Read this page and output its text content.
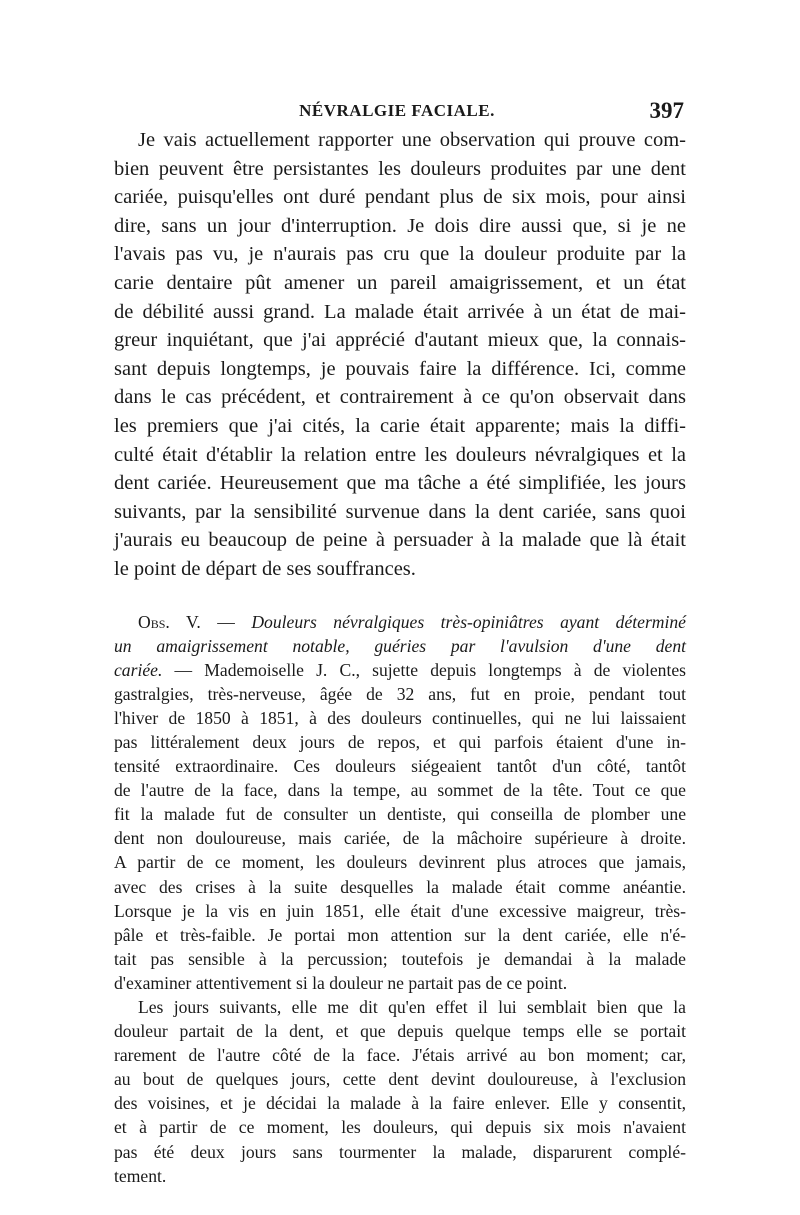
NÉVRALGIE FACIALE.	397

Je vais actuellement rapporter une observation qui prouve com-
bien peuvent être persistantes les douleurs produites par une dent
cariée, puisqu'elles ont duré pendant plus de six mois, pour ainsi
dire, sans un jour d'interruption. Je dois dire aussi que, si je ne
l'avais pas vu, je n'aurais pas cru que la douleur produite par la
carie dentaire pût amener un pareil amaigrissement, et un état
de débilité aussi grand. La malade était arrivée à un état de mai-
greur inquiétant, que j'ai apprécié d'autant mieux que, la connais-
sant depuis longtemps, je pouvais faire la différence. Ici, comme
dans le cas précédent, et contrairement à ce qu'on observait dans
les premiers que j'ai cités, la carie était apparente; mais la diffi-
culté était d'établir la relation entre les douleurs névralgiques et la
dent cariée. Heureusement que ma tâche a été simplifiée, les jours
suivants, par la sensibilité survenue dans la dent cariée, sans quoi
j'aurais eu beaucoup de peine à persuader à la malade que là était
le point de départ de ses souffrances.

Obs. V. — Douleurs névralgiques très-opiniâtres ayant déterminé
un amaigrissement notable, guéries par l'avulsion d'une dent
cariée. — Mademoiselle J. C., sujette depuis longtemps à de violentes
gastralgies, très-nerveuse, âgée de 32 ans, fut en proie, pendant tout
l'hiver de 1850 à 1851, à des douleurs continuelles, qui ne lui laissaient
pas littéralement deux jours de repos, et qui parfois étaient d'une in-
tensité extraordinaire. Ces douleurs siégeaient tantôt d'un côté, tantôt
de l'autre de la face, dans la tempe, au sommet de la tête. Tout ce que
fit la malade fut de consulter un dentiste, qui conseilla de plomber une
dent non douloureuse, mais cariée, de la mâchoire supérieure à droite.
A partir de ce moment, les douleurs devinrent plus atroces que jamais,
avec des crises à la suite desquelles la malade était comme anéantie.
Lorsque je la vis en juin 1851, elle était d'une excessive maigreur, très-
pâle et très-faible. Je portai mon attention sur la dent cariée, elle n'é-
tait pas sensible à la percussion; toutefois je demandai à la malade
d'examiner attentivement si la douleur ne partait pas de ce point.
Les jours suivants, elle me dit qu'en effet il lui semblait bien que la
douleur partait de la dent, et que depuis quelque temps elle se portait
rarement de l'autre côté de la face. J'étais arrivé au bon moment; car,
au bout de quelques jours, cette dent devint douloureuse, à l'exclusion
des voisines, et je décidai la malade à la faire enlever. Elle y consentit,
et à partir de ce moment, les douleurs, qui depuis six mois n'avaient
pas été deux jours sans tourmenter la malade, disparurent complé-
tement.
